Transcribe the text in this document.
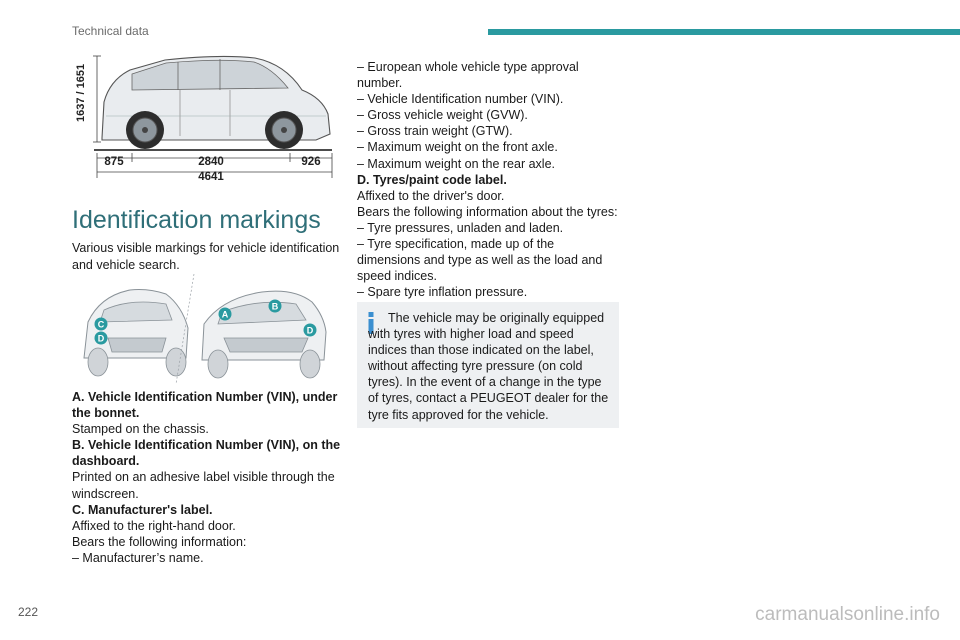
Technical data
1637 / 1651
875	2840	926
4641
Identification markings

Various visible markings for vehicle identification and vehicle search.

C
D
A
B
D

A. Vehicle Identification Number (VIN), under the bonnet.

Stamped on the chassis.

B. Vehicle Identification Number (VIN), on the dashboard.

Printed on an adhesive label visible through the windscreen.

C. Manufacturer's label.

Affixed to the right-hand door.

Bears the following information:

– Manufacturer’s name.

– European whole vehicle type approval number.

– Vehicle Identification number (VIN).

– Gross vehicle weight (GVW).

– Gross train weight (GTW).

– Maximum weight on the front axle.

– Maximum weight on the rear axle.

D. Tyres/paint code label.

Affixed to the driver's door.

Bears the following information about the tyres:

– Tyre pressures, unladen and laden.

– Tyre specification, made up of the dimensions and type as well as the load and speed indices.

– Spare tyre inflation pressure.

The vehicle may be originally equipped with tyres with higher load and speed indices than those indicated on the label, without affecting tyre pressure (on cold tyres). In the event of a change in the type of tyres, contact a PEUGEOT dealer for the tyre fits approved for the vehicle.

222	carmanualsonline.info
